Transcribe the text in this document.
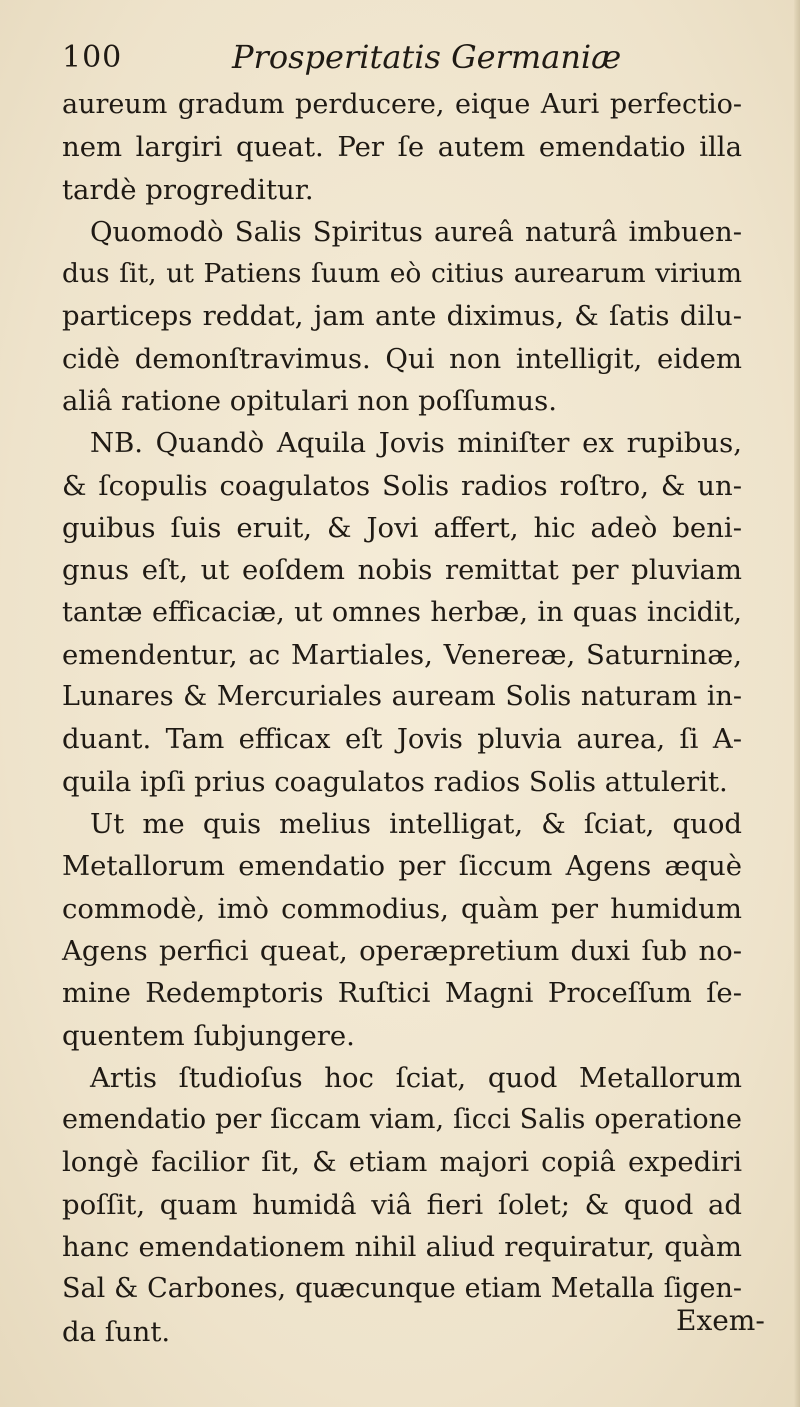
100	Prosperitatis Germaniæ
aureum gradum perducere, eique Auri perfectio-
nem largiri queat. Per ſe autem emendatio illa
tardè progreditur.
Quomodò Salis Spiritus aureâ naturâ imbuen-
dus ſit, ut Patiens ſuum eò citius aurearum virium
particeps reddat, jam ante diximus, & ſatis dilu-
cidè demonſtravimus. Qui non intelligit, eidem
aliâ ratione opitulari non poſſumus.
NB. Quandò Aquila Jovis miniſter ex rupibus,
& ſcopulis coagulatos Solis radios roſtro, & un-
guibus ſuis eruit, & Jovi affert, hic adeò beni-
gnus eſt, ut eoſdem nobis remittat per pluviam
tantæ efficaciæ, ut omnes herbæ, in quas incidit,
emendentur, ac Martiales, Venereæ, Saturninæ,
Lunares & Mercuriales auream Solis naturam in-
duant. Tam efficax eſt Jovis pluvia aurea, ſi A-
quila ipſi prius coagulatos radios Solis attulerit.
Ut me quis melius intelligat, & ſciat, quod
Metallorum emendatio per ſiccum Agens æquè
commodè, imò commodius, quàm per humidum
Agens perfici queat, operæpretium duxi ſub no-
mine Redemptoris Ruſtici Magni Proceſſum ſe-
quentem ſubjungere.
Artis ſtudioſus hoc ſciat, quod Metallorum
emendatio per ſiccam viam, ſicci Salis operatione
longè facilior ſit, & etiam majori copiâ expediri
poſſit, quam humidâ viâ fieri ſolet; & quod ad
hanc emendationem nihil aliud requiratur, quàm
Sal & Carbones, quæcunque etiam Metalla ſigen-
da ſunt.	Exem-
